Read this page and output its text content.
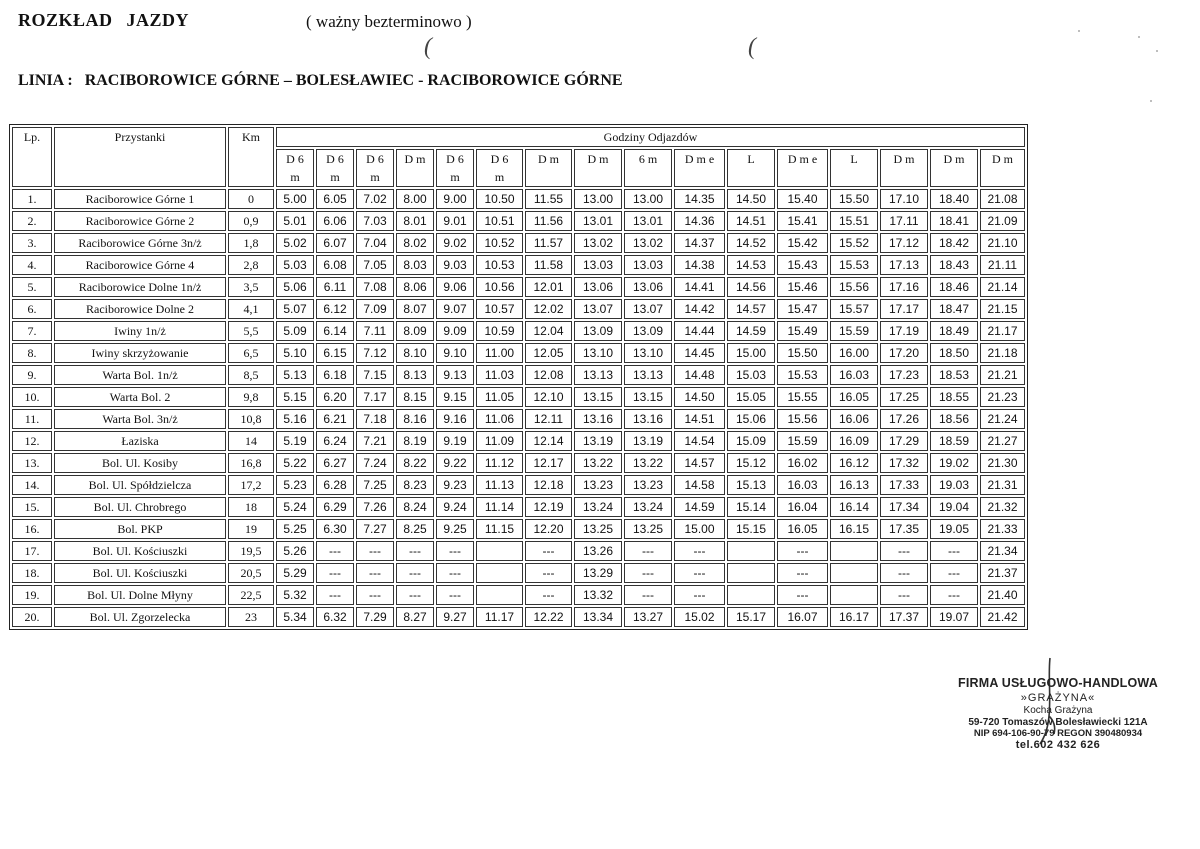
ROZKŁAD JAZDY	( ważny bezterminowo )
(	(
LINIA : RACIBOROWICE GÓRNE – BOLESŁAWIEC - RACIBOROWICE GÓRNE
Lp.	Przystanki	Km	Godziny Odjazdów															
			D 6
m	D 6
m	D 6
m	D m	D 6
m	D 6
m	D m	D m	6 m	D m e	L	D m e	L	D m	D m	D m
1.	Raciborowice Górne 1	0	5.00	6.05	7.02	8.00	9.00	10.50	11.55	13.00	13.00	14.35	14.50	15.40	15.50	17.10	18.40	21.08
2.	Raciborowice Górne 2	0,9	5.01	6.06	7.03	8.01	9.01	10.51	11.56	13.01	13.01	14.36	14.51	15.41	15.51	17.11	18.41	21.09
3.	Raciborowice Górne 3n/ż	1,8	5.02	6.07	7.04	8.02	9.02	10.52	11.57	13.02	13.02	14.37	14.52	15.42	15.52	17.12	18.42	21.10
4.	Raciborowice Górne 4	2,8	5.03	6.08	7.05	8.03	9.03	10.53	11.58	13.03	13.03	14.38	14.53	15.43	15.53	17.13	18.43	21.11
5.	Raciborowice Dolne 1n/ż	3,5	5.06	6.11	7.08	8.06	9.06	10.56	12.01	13.06	13.06	14.41	14.56	15.46	15.56	17.16	18.46	21.14
6.	Raciborowice Dolne 2	4,1	5.07	6.12	7.09	8.07	9.07	10.57	12.02	13.07	13.07	14.42	14.57	15.47	15.57	17.17	18.47	21.15
7.	Iwiny 1n/ż	5,5	5.09	6.14	7.11	8.09	9.09	10.59	12.04	13.09	13.09	14.44	14.59	15.49	15.59	17.19	18.49	21.17
8.	Iwiny skrzyżowanie	6,5	5.10	6.15	7.12	8.10	9.10	11.00	12.05	13.10	13.10	14.45	15.00	15.50	16.00	17.20	18.50	21.18
9.	Warta Bol. 1n/ż	8,5	5.13	6.18	7.15	8.13	9.13	11.03	12.08	13.13	13.13	14.48	15.03	15.53	16.03	17.23	18.53	21.21
10.	Warta Bol. 2	9,8	5.15	6.20	7.17	8.15	9.15	11.05	12.10	13.15	13.15	14.50	15.05	15.55	16.05	17.25	18.55	21.23
11.	Warta Bol. 3n/ż	10,8	5.16	6.21	7.18	8.16	9.16	11.06	12.11	13.16	13.16	14.51	15.06	15.56	16.06	17.26	18.56	21.24
12.	Łaziska	14	5.19	6.24	7.21	8.19	9.19	11.09	12.14	13.19	13.19	14.54	15.09	15.59	16.09	17.29	18.59	21.27
13.	Bol. Ul. Kosiby	16,8	5.22	6.27	7.24	8.22	9.22	11.12	12.17	13.22	13.22	14.57	15.12	16.02	16.12	17.32	19.02	21.30
14.	Bol. Ul. Spółdzielcza	17,2	5.23	6.28	7.25	8.23	9.23	11.13	12.18	13.23	13.23	14.58	15.13	16.03	16.13	17.33	19.03	21.31
15.	Bol. Ul. Chrobrego	18	5.24	6.29	7.26	8.24	9.24	11.14	12.19	13.24	13.24	14.59	15.14	16.04	16.14	17.34	19.04	21.32
16.	Bol. PKP	19	5.25	6.30	7.27	8.25	9.25	11.15	12.20	13.25	13.25	15.00	15.15	16.05	16.15	17.35	19.05	21.33
17.	Bol. Ul. Kościuszki	19,5	5.26	---	---	---	---		---	13.26	---	---		---		---	---	21.34
18.	Bol. Ul. Kościuszki	20,5	5.29	---	---	---	---		---	13.29	---	---		---		---	---	21.37
19.	Bol. Ul. Dolne Młyny	22,5	5.32	---	---	---	---		---	13.32	---	---		---		---	---	21.40
20.	Bol. Ul. Zgorzelecka	23	5.34	6.32	7.29	8.27	9.27	11.17	12.22	13.34	13.27	15.02	15.17	16.07	16.17	17.37	19.07	21.42
FIRMA USŁUGOWO-HANDLOWA
»GRAŻYNA«
Kocha Grażyna
59-720 Tomaszów Bolesławiecki 121A
NIP 694-106-90-79 REGON 390480934
tel.602 432 626
